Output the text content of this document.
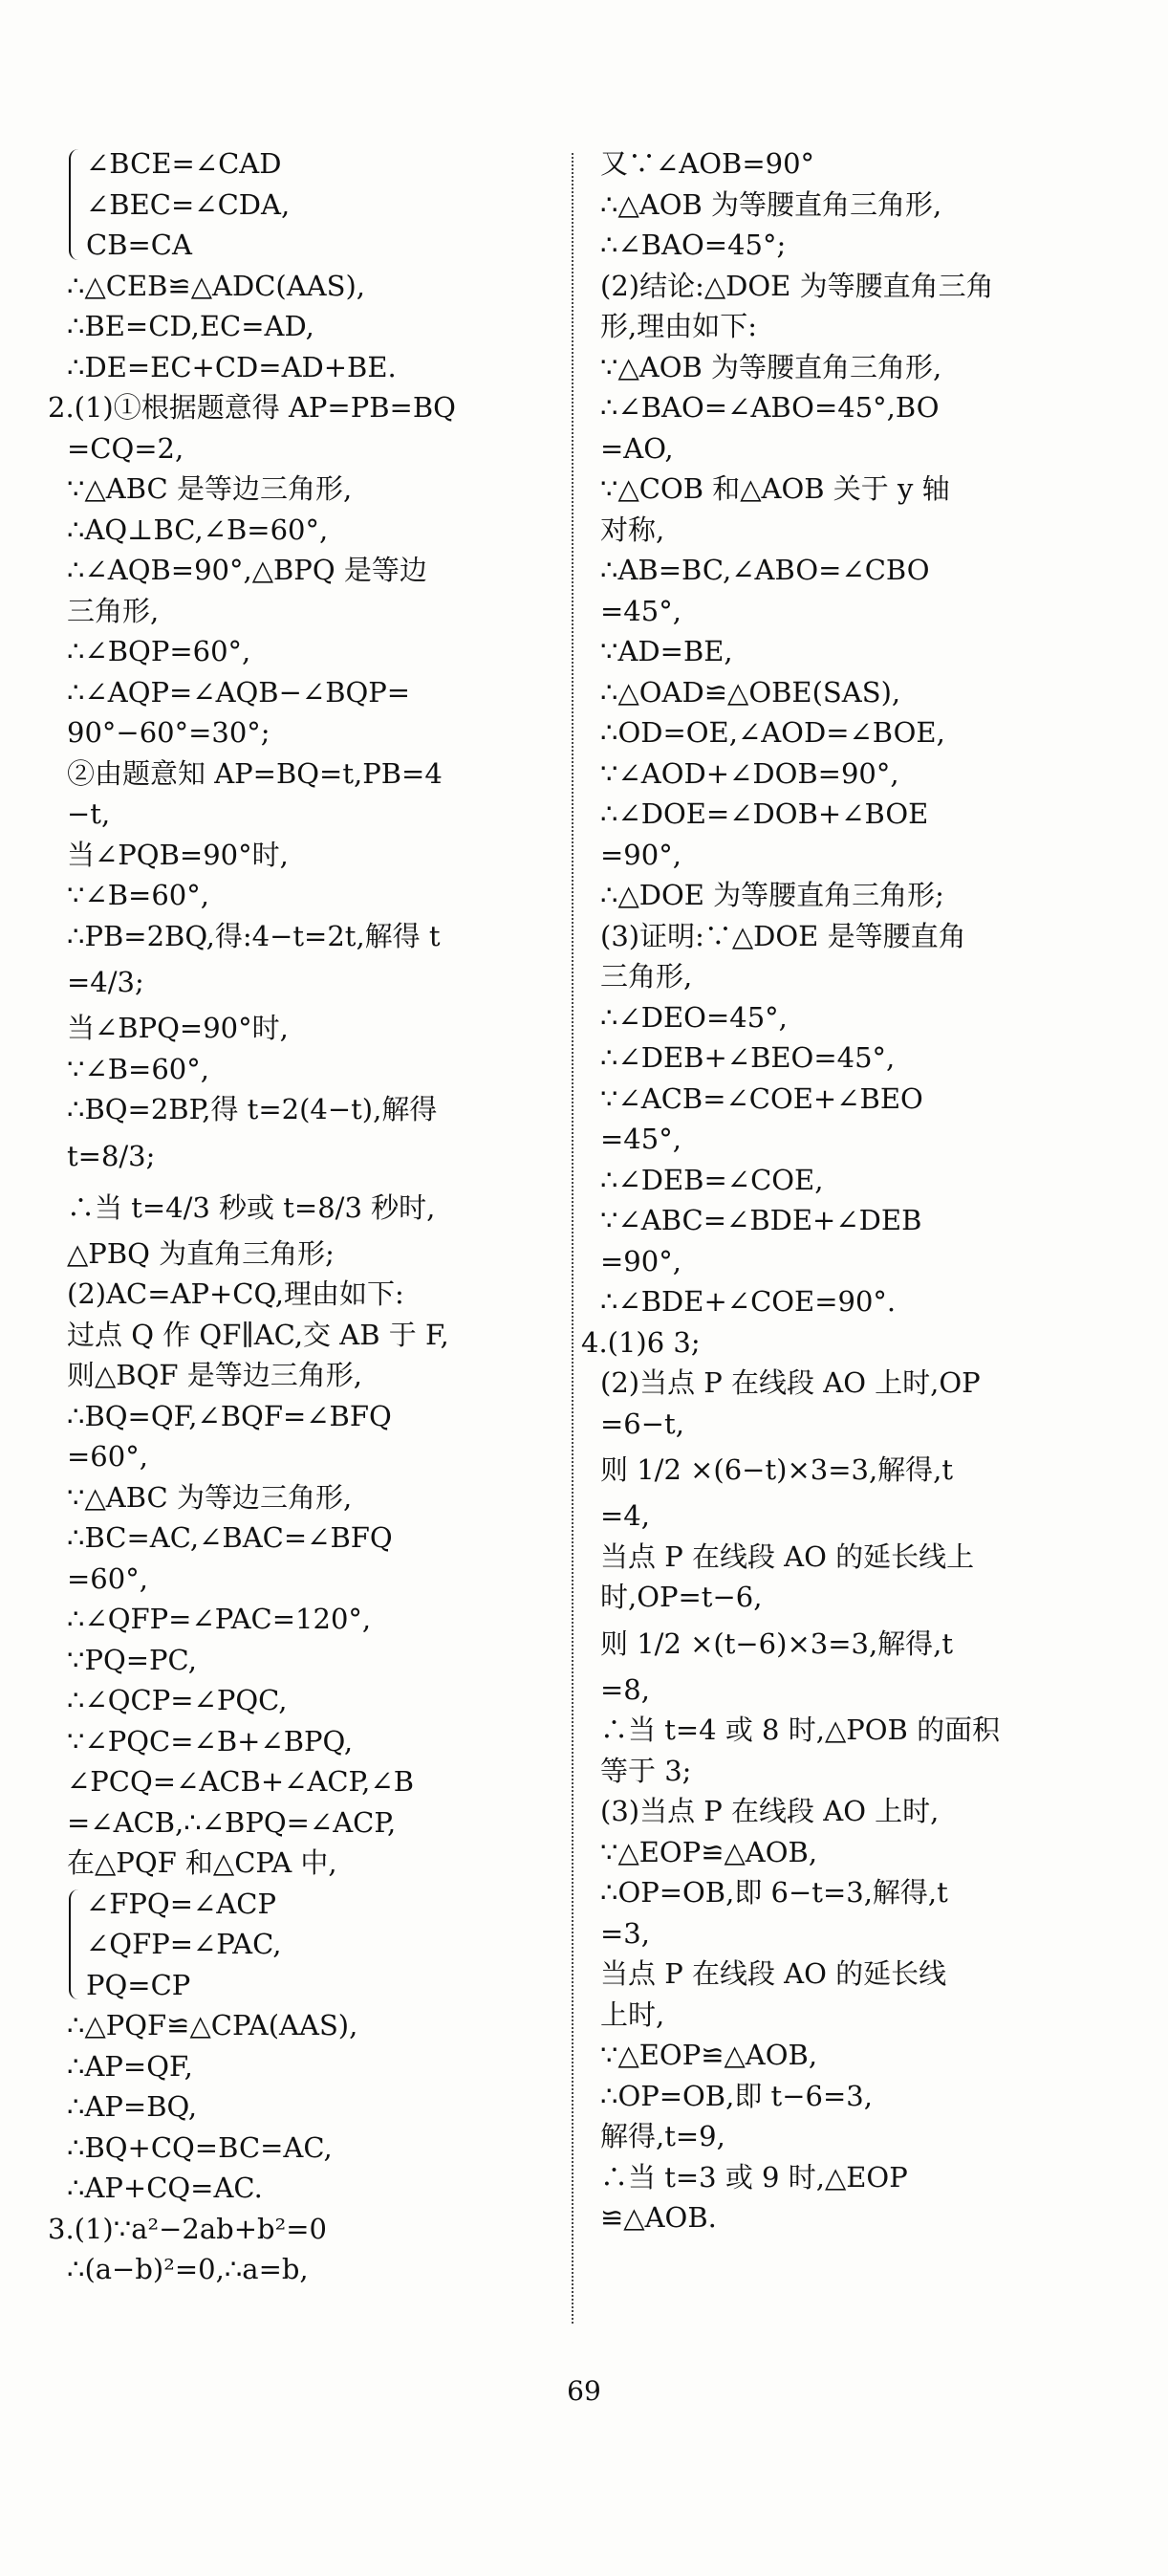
∠BCE=∠CAD
∠BEC=∠CDA,
CB=CA
∴△CEB≌△ADC(AAS),
∴BE=CD,EC=AD,
∴DE=EC+CD=AD+BE.
2.(1)①根据题意得 AP=PB=BQ
=CQ=2,
∵△ABC 是等边三角形,
∴AQ⊥BC,∠B=60°,
∴∠AQB=90°,△BPQ 是等边
三角形,
∴∠BQP=60°,
∴∠AQP=∠AQB−∠BQP=
90°−60°=30°;
②由题意知 AP=BQ=t,PB=4
−t,
当∠PQB=90°时,
∵∠B=60°,
∴PB=2BQ,得:4−t=2t,解得 t
=4/3;
当∠BPQ=90°时,
∵∠B=60°,
∴BQ=2BP,得 t=2(4−t),解得
t=8/3;
∴当 t=4/3 秒或 t=8/3 秒时,
△PBQ 为直角三角形;
(2)AC=AP+CQ,理由如下:
过点 Q 作 QF∥AC,交 AB 于 F,
则△BQF 是等边三角形,
∴BQ=QF,∠BQF=∠BFQ
=60°,
∵△ABC 为等边三角形,
∴BC=AC,∠BAC=∠BFQ
=60°,
∴∠QFP=∠PAC=120°,
∵PQ=PC,
∴∠QCP=∠PQC,
∵∠PQC=∠B+∠BPQ,
∠PCQ=∠ACB+∠ACP,∠B
=∠ACB,∴∠BPQ=∠ACP,
在△PQF 和△CPA 中,
∠FPQ=∠ACP
∠QFP=∠PAC,
PQ=CP
∴△PQF≌△CPA(AAS),
∴AP=QF,
∴AP=BQ,
∴BQ+CQ=BC=AC,
∴AP+CQ=AC.
3.(1)∵a²−2ab+b²=0
∴(a−b)²=0,∴a=b,
又∵∠AOB=90°
∴△AOB 为等腰直角三角形,
∴∠BAO=45°;
(2)结论:△DOE 为等腰直角三角
形,理由如下:
∵△AOB 为等腰直角三角形,
∴∠BAO=∠ABO=45°,BO
=AO,
∵△COB 和△AOB 关于 y 轴
对称,
∴AB=BC,∠ABO=∠CBO
=45°,
∵AD=BE,
∴△OAD≌△OBE(SAS),
∴OD=OE,∠AOD=∠BOE,
∵∠AOD+∠DOB=90°,
∴∠DOE=∠DOB+∠BOE
=90°,
∴△DOE 为等腰直角三角形;
(3)证明:∵△DOE 是等腰直角
三角形,
∴∠DEO=45°,
∴∠DEB+∠BEO=45°,
∵∠ACB=∠COE+∠BEO
=45°,
∴∠DEB=∠COE,
∵∠ABC=∠BDE+∠DEB
=90°,
∴∠BDE+∠COE=90°.
4.(1)6 3;
(2)当点 P 在线段 AO 上时,OP
=6−t,
则 1/2 ×(6−t)×3=3,解得,t
=4,
当点 P 在线段 AO 的延长线上
时,OP=t−6,
则 1/2 ×(t−6)×3=3,解得,t
=8,
∴当 t=4 或 8 时,△POB 的面积
等于 3;
(3)当点 P 在线段 AO 上时,
∵△EOP≌△AOB,
∴OP=OB,即 6−t=3,解得,t
=3,
当点 P 在线段 AO 的延长线
上时,
∵△EOP≌△AOB,
∴OP=OB,即 t−6=3,
解得,t=9,
∴当 t=3 或 9 时,△EOP
≌△AOB.
69
